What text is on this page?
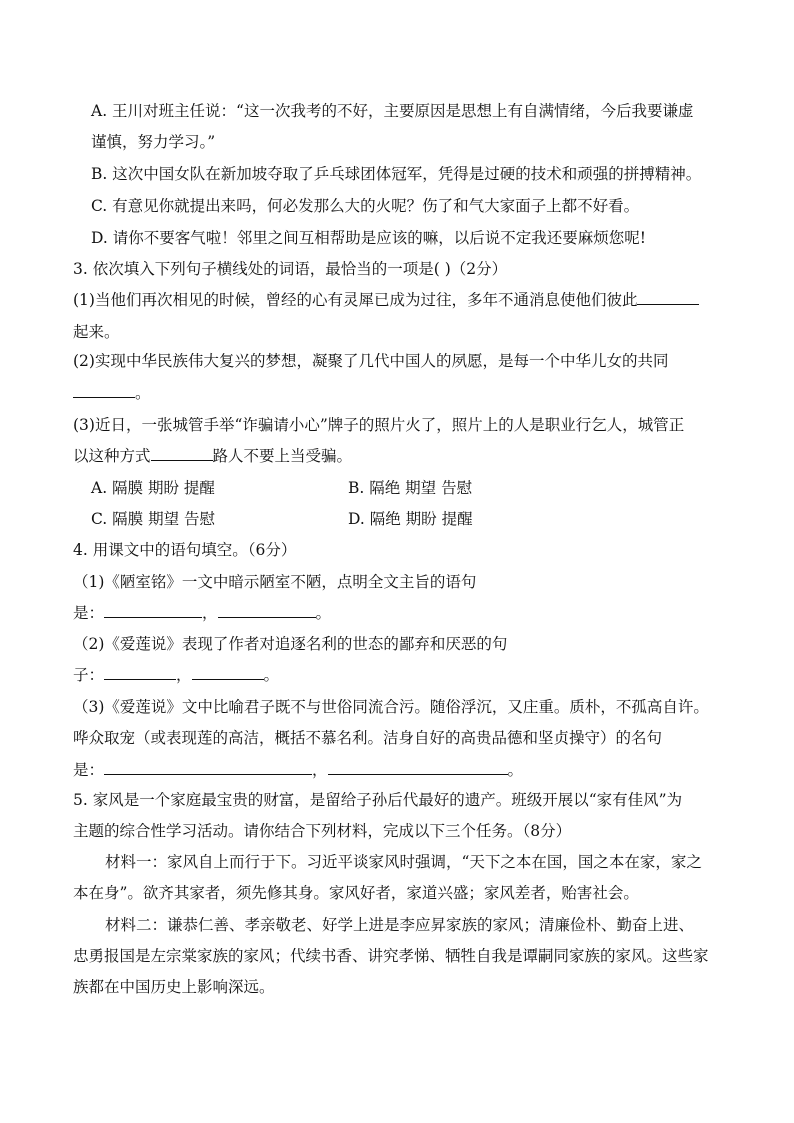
A. 王川对班主任说：“这一次我考的不好，主要原因是思想上有自满情绪，今后我要谦虚
谨慎，努力学习。”
B. 这次中国女队在新加坡夺取了乒乓球团体冠军，凭得是过硬的技术和顽强的拼搏精神。
C. 有意见你就提出来吗，何必发那么大的火呢？伤了和气大家面子上都不好看。
D. 请你不要客气啦！邻里之间互相帮助是应该的嘛，以后说不定我还要麻烦您呢!
3. 依次填入下列句子横线处的词语，最恰当的一项是( )（2分）
(1)当他们再次相见的时候，曾经的心有灵犀已成为过往，多年不通消息使他们彼此
起来。
(2)实现中华民族伟大复兴的梦想，凝聚了几代中国人的夙愿，是每一个中华儿女的共同
。
(3)近日，一张城管手举“诈骗请小心”牌子的照片火了，照片上的人是职业行乞人，城管正
以这种方式	路人不要上当受骗。
A. 隔膜 期盼 提醒	B. 隔绝 期望 告慰
C. 隔膜 期望 告慰	D. 隔绝 期盼 提醒
4. 用课文中的语句填空。（6分）
（1)《陋室铭》一文中暗示陋室不陋，点明全文主旨的语句
是：	，	。
（2)《爱莲说》表现了作者对追逐名利的世态的鄙弃和厌恶的句
子：	，	。
（3)《爱莲说》文中比喻君子既不与世俗同流合污。随俗浮沉，又庄重。质朴，不孤高自许。
哗众取宠（或表现莲的高洁，概括不慕名利。洁身自好的高贵品德和坚贞操守）的名句
是：	，	。
5. 家风是一个家庭最宝贵的财富，是留给子孙后代最好的遗产。班级开展以“家有佳风”为
主题的综合性学习活动。请你结合下列材料，完成以下三个任务。（8分）
材料一：家风自上而行于下。习近平谈家风时强调，“天下之本在国，国之本在家，家之
本在身”。欲齐其家者，须先修其身。家风好者，家道兴盛；家风差者，贻害社会。
材料二：谦恭仁善、孝亲敬老、好学上进是李应昇家族的家风；清廉俭朴、勤奋上进、
忠勇报国是左宗棠家族的家风；代续书香、讲究孝悌、牺牲自我是谭嗣同家族的家风。这些家
族都在中国历史上影响深远。
